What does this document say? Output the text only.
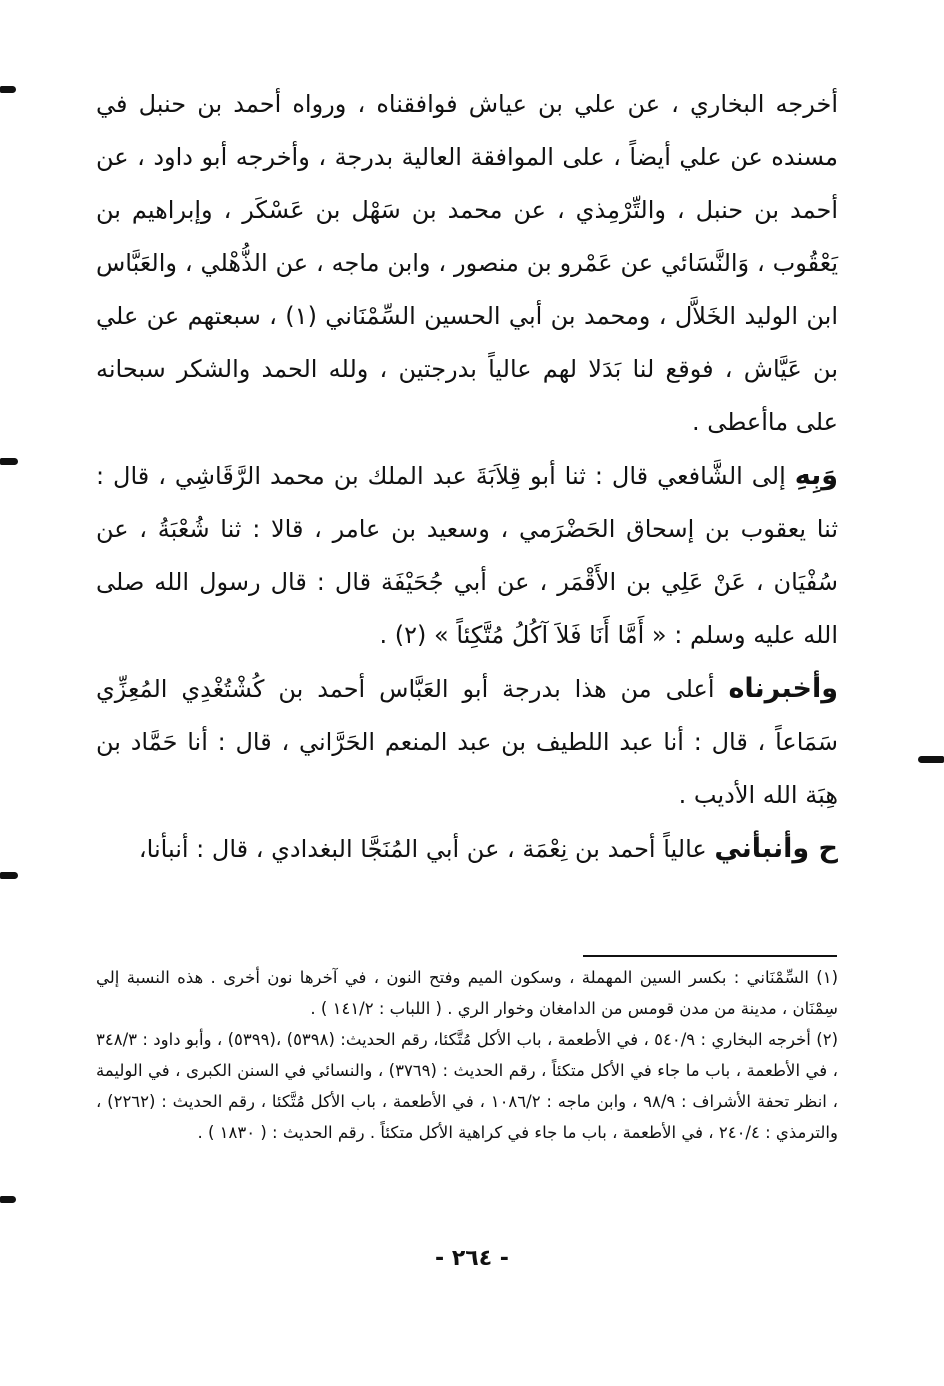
أخرجه البخاري ، عن علي بن عياش فوافقناه ، ورواه أحمد بن حنبل في مسنده عن علي أيضاً ، على الموافقة العالية بدرجة ، وأخرجه أبو داود ، عن أحمد بن حنبل ، والتِّرْمِذي ، عن محمد بن سَهْل بن عَسْكَر ، وإبراهيم بن يَعْقُوب ، وَالنَّسَائي عن عَمْرو بن منصور ، وابن ماجه ، عن الذُّهْلي ، والعَبَّاس ابن الوليد الخَلاَّل ، ومحمد بن أبي الحسين السِّمْنَاني (١) ، سبعتهم عن علي بن عَيَّاش ، فوقع لنا بَدَلا لهم عالياً بدرجتين ، ولله الحمد والشكر سبحانه على ماأعطى .

وَبِهِ إلى الشَّافعي قال : ثنا أبو قِلاَبَةَ عبد الملك بن محمد الرَّقَاشِي ، قال : ثنا يعقوب بن إسحاق الحَضْرَمي ، وسعيد بن عامر ، قالا : ثنا شُعْبَةُ ، عن سُفْيَان ، عَنْ عَلِي بن الأَقْمَر ، عن أبي جُحَيْفَة قال : قال رسول الله صلى الله عليه وسلم : « أَمَّا أَنَا فَلاَ آكُلُ مُتَّكِئاً » (٢) .

وأخبرناه أعلى من هذا بدرجة أبو العَبَّاس أحمد بن كُشْتُغْدِي المُعِزِّي سَمَاعاً ، قال : أنا عبد اللطيف بن عبد المنعم الحَرَّاني ، قال : أنا حَمَّاد بن هِبَة الله الأديب .

ح وأنبأني عالياً أحمد بن نِعْمَة ، عن أبي المُنَجَّا البغدادي ، قال : أنبأنا،

(١) السِّمْنَاني : بكسر السين المهملة ، وسكون الميم وفتح النون ، في آخرها نون أخرى . هذه النسبة إلي سِمْنَان ، مدينة من مدن قومس من الدامغان وخوار الري . ( اللباب : ١٤١/٢ ) .

(٢) أخرجه البخاري : ٥٤٠/٩ ، في الأطعمة ، باب الأكل مُتَّكئا، رقم الحديث: (٥٣٩٨) ،(٥٣٩٩) ، وأبو داود : ٣٤٨/٣ ، في الأطعمة ، باب ما جاء في الأكل متكئاً ، رقم الحديث : (٣٧٦٩) ، والنسائي في السنن الكبرى ، في الوليمة ، انظر تحفة الأشراف : ٩٨/٩ ، وابن ماجه : ١٠٨٦/٢ ، في الأطعمة ، باب الأكل مُتَّكئا ، رقم الحديث : (٢٢٦٢) ، والترمذي : ٢٤٠/٤ ، في الأطعمة ، باب ما جاء في كراهية الأكل متكئاً . رقم الحديث : ( ١٨٣٠ ) .

- ٢٦٤ -
